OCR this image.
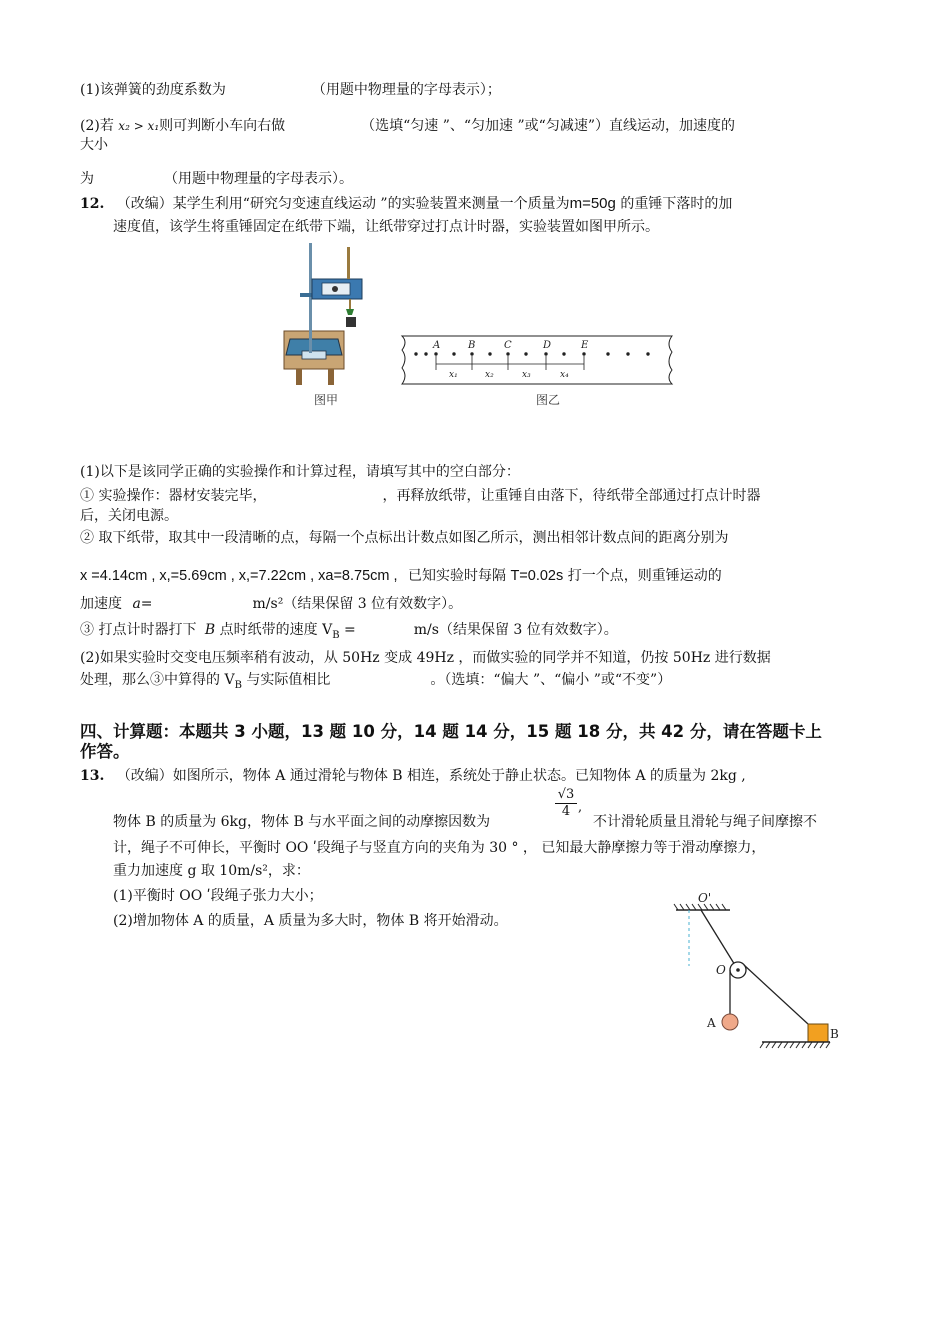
(1)该弹簧的劲度系数为	（用题中物理量的字母表示）；
(2)若 x₂ > x₁则可判断小车向右做	（选填“匀速 ”、“匀加速 ”或“匀减速”）直线运动，加速度的
大小
为	（用题中物理量的字母表示）。
12. （改编）某学生利用“研究匀变速直线运动 ”的实验装置来测量一个质量为m=50g 的重锤下落时的加
速度值，该学生将重锤固定在纸带下端，让纸带穿过打点计时器，实验装置如图甲所示。
图甲
A	B	C	D	E
x₁	x₂	x₃	x₄
图乙
(1)以下是该同学正确的实验操作和计算过程，请填写其中的空白部分：
① 实验操作：器材安装完毕，	，再释放纸带，让重锤自由落下，待纸带全部通过打点计时器
后，关闭电源。
② 取下纸带，取其中一段清晰的点，每隔一个点标出计数点如图乙所示，测出相邻计数点间的距离分别为
x =4.14cm , x,=5.69cm , x,=7.22cm , xa=8.75cm , 已知实验时每隔 T=0.02s 打一个点，则重锤运动的
加速度 a=	m/s²（结果保留 3 位有效数字）。
③ 打点计时器打下 B 点时纸带的速度 $V_B$ =	m/s（结果保留 3 位有效数字）。
(2)如果实验时交变电压频率稍有波动，从 50Hz 变成 49Hz ，而做实验的同学并不知道，仍按 50Hz 进行数据
处理，那么③中算得的 $V_B$ 与实际值相比	。（选填：“偏大 ”、“偏小 ”或“不变”）
四、计算题：本题共 3 小题，13 题 10 分，14 题 14 分，15 题 18 分，共 42 分，请在答题卡上
作答。
13. （改编）如图所示，物体 A 通过滑轮与物体 B 相连，系统处于静止状态。已知物体 A 的质量为 2kg ,
物体 B 的质量为 6kg，物体 B 与水平面之间的动摩擦因数为
$\frac{√3}{4}$ ,
不计滑轮质量且滑轮与绳子间摩擦不
计，绳子不可伸长，平衡时 OO ʹ段绳子与竖直方向的夹角为 30 ° ， 已知最大静摩擦力等于滑动摩擦力，
重力加速度 g 取 10m/s²，求：
(1)平衡时 OO ʹ段绳子张力大小；
(2)增加物体 A 的质量，A 质量为多大时，物体 B 将开始滑动。
O'
O
A
B
